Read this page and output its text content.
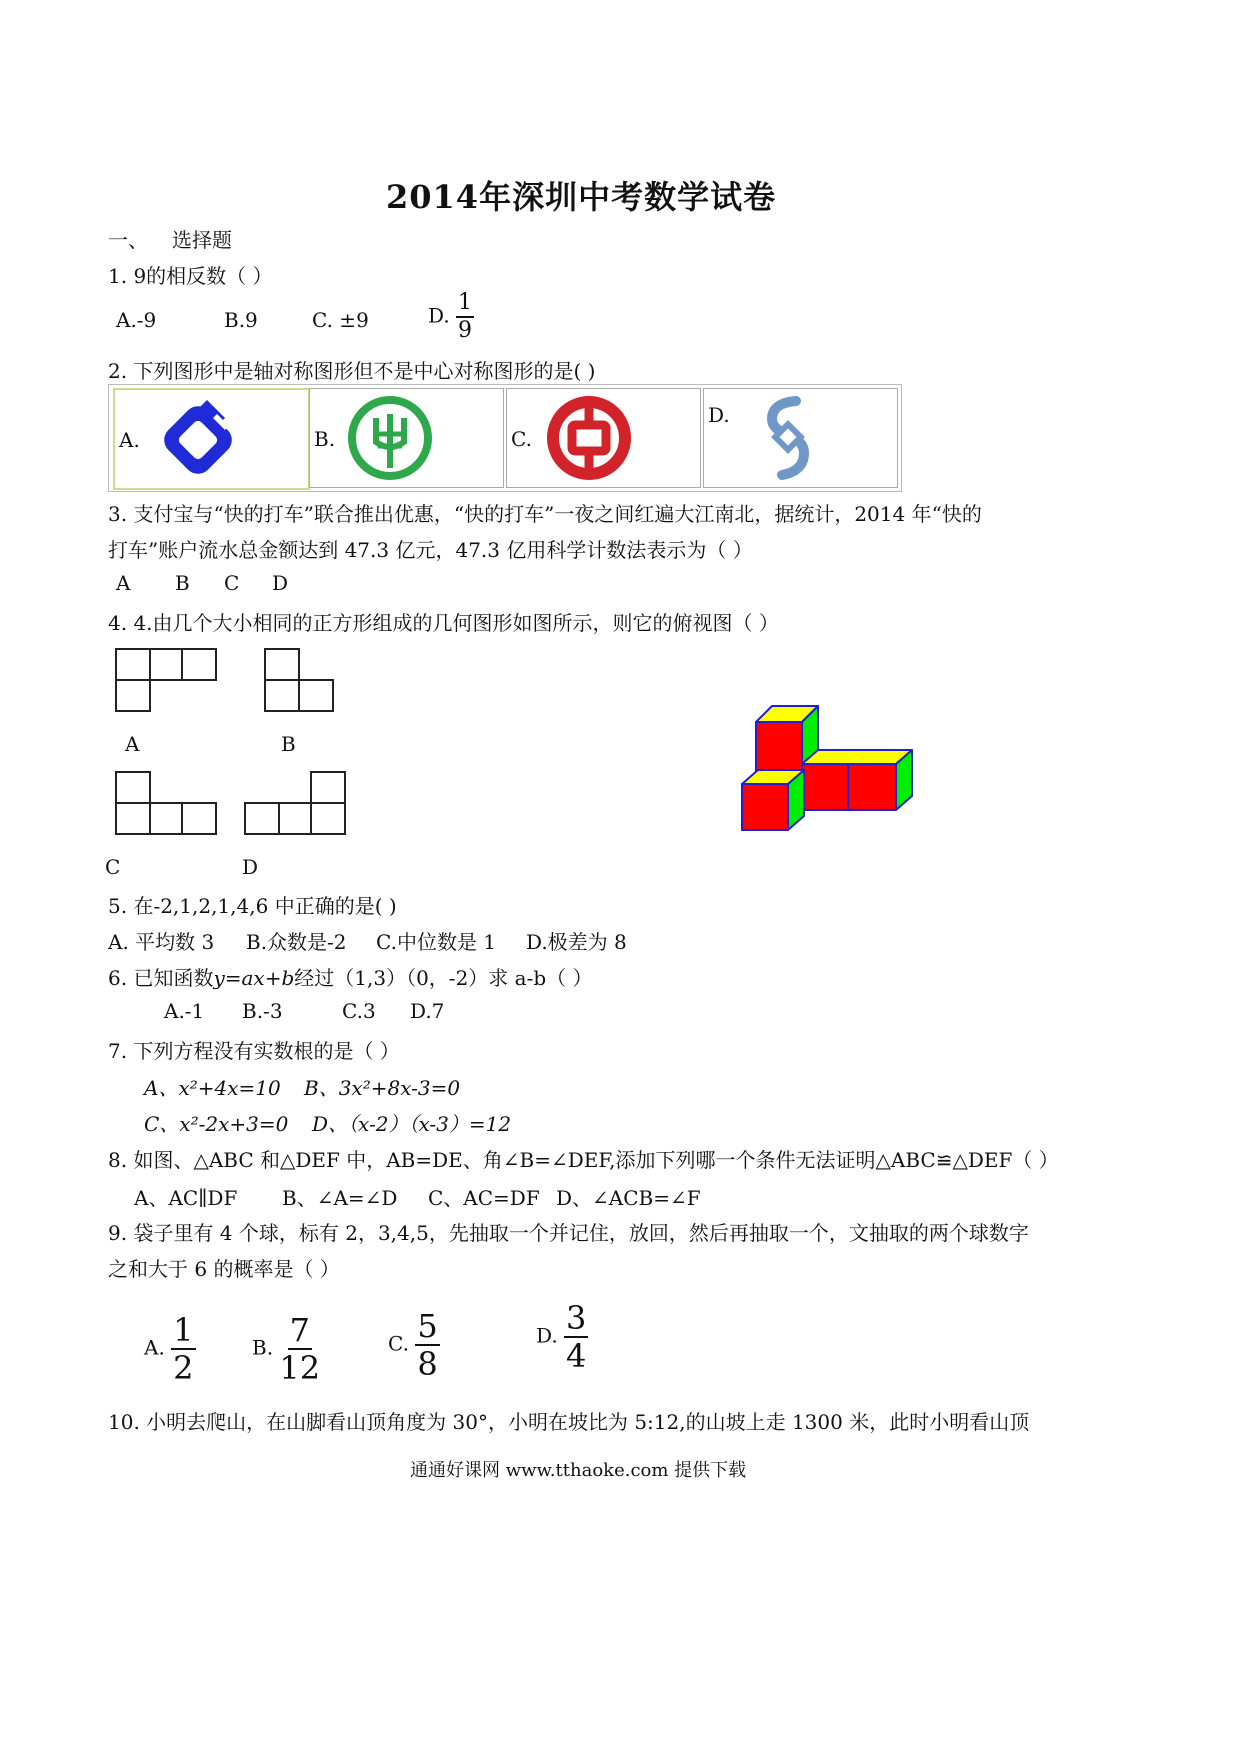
2014年深圳中考数学试卷
一、 选择题
1. 9的相反数（ ）
A.-9	B.9	C. ±9	D. $\frac{1}{9}$
2. 下列图形中是轴对称图形但不是中心对称图形的是( )
A.	B.	C.
D.
3. 支付宝与“快的打车”联合推出优惠，“快的打车”一夜之间红遍大江南北，据统计，2014 年“快的
打车”账户流水总金额达到 47.3 亿元，47.3 亿用科学计数法表示为（ ）
A B C D
4. 4.由几个大小相同的正方形组成的几何图形如图所示，则它的俯视图（ ）
A	B
C	D
5. 在-2,1,2,1,4,6 中正确的是( )
A. 平均数 3 B.众数是-2 C.中位数是 1 D.极差为 8
6. 已知函数y=ax+b经过（1,3）（0，-2）求 a-b（ ）
A.-1 B.-3	C.3 D.7
7. 下列方程没有实数根的是（ ）
A、x²+4x=10 B、3x²+8x-3=0
C、x²-2x+3=0 D、（x-2）（x-3）=12
8. 如图、△ABC 和△DEF 中，AB=DE、角∠B=∠DEF,添加下列哪一个条件无法证明△ABC≌△DEF（ ）
A、AC∥DF B、∠A=∠D C、AC=DF D、∠ACB=∠F
9. 袋子里有 4 个球，标有 2，3,4,5，先抽取一个并记住，放回，然后再抽取一个，文抽取的两个球数字
之和大于 6 的概率是（ ）
A. $\frac{1}{2}$	B. $\frac{7}{12}$	C. $\frac{5}{8}$	D. $\frac{3}{4}$
10. 小明去爬山，在山脚看山顶角度为 30°，小明在坡比为 5:12,的山坡上走 1300 米，此时小明看山顶
通通好课网 www.tthaoke.com 提供下载
